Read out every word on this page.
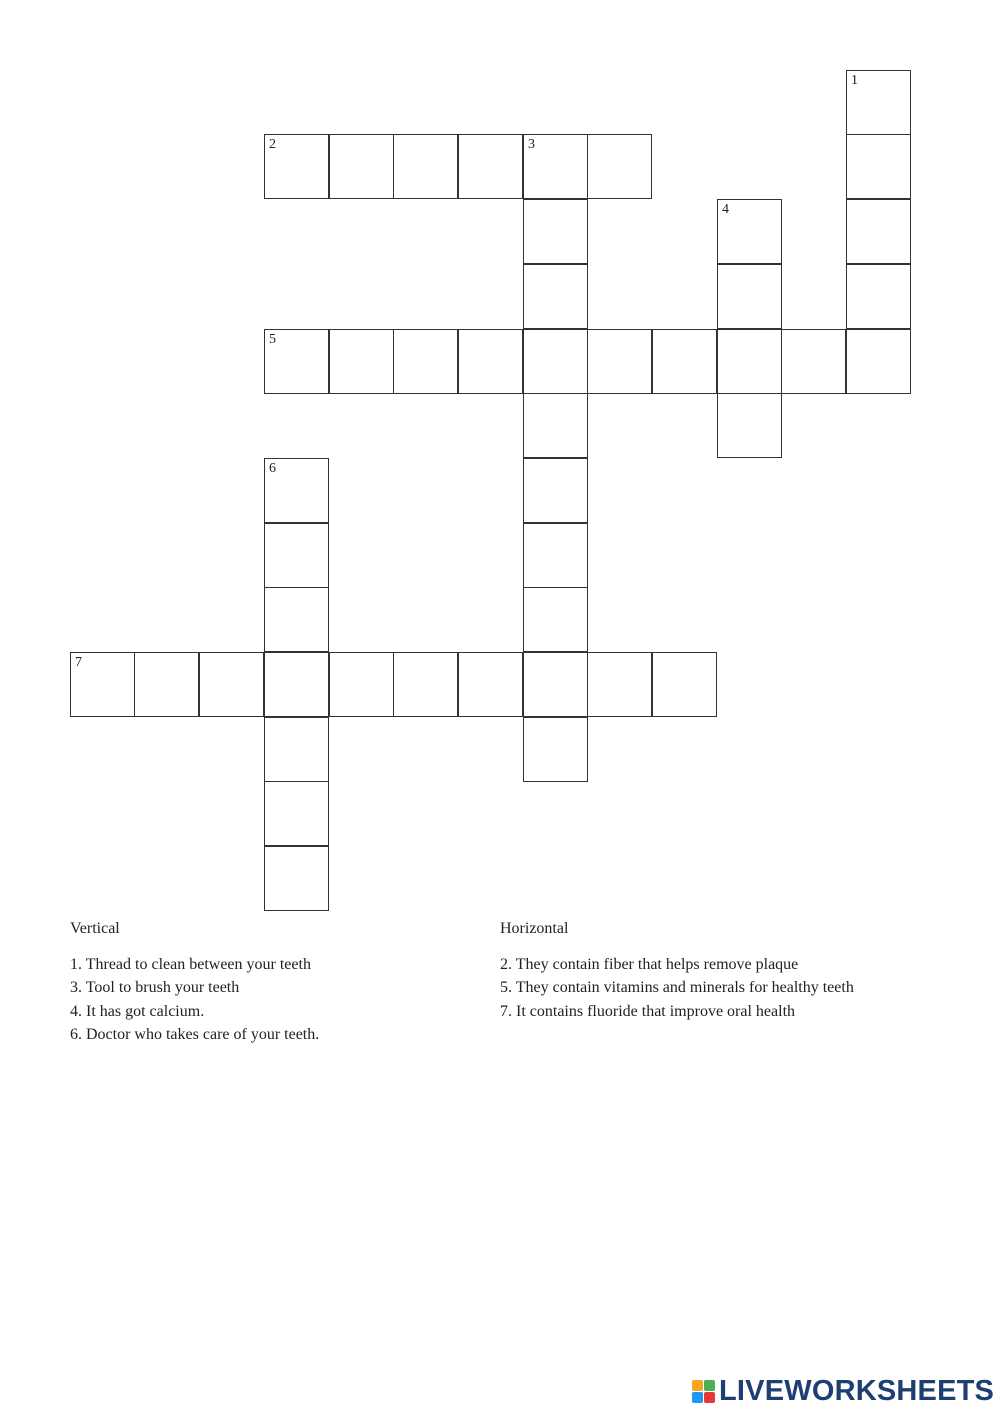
1
2	3
4
5
6
7
Vertical
1. Thread to clean between your teeth
3. Tool to brush your teeth
4. It has got calcium.
6. Doctor who takes care of your teeth.
Horizontal
2. They contain fiber that helps remove plaque
5. They contain vitamins and minerals for healthy teeth
7. It contains fluoride that improve oral health
LIVEWORKSHEETS
